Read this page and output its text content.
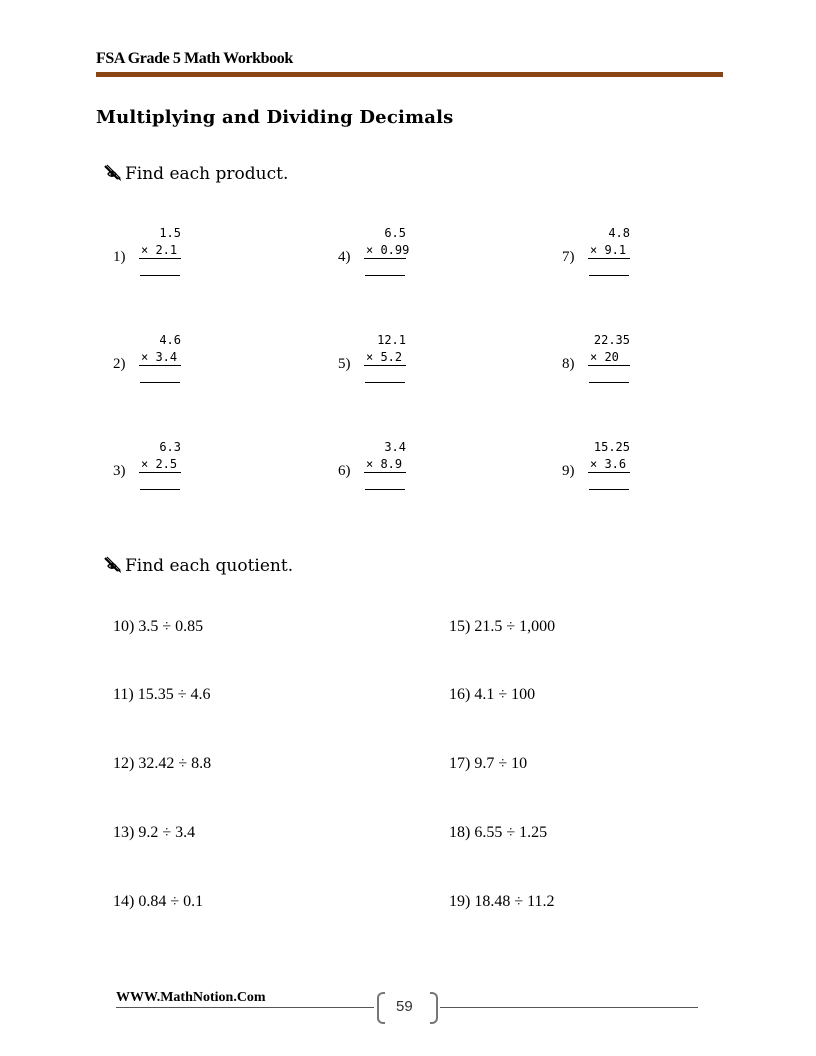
FSA Grade 5 Math Workbook
Multiplying and Dividing Decimals
Find each product.
1)
1.5
× 2.1
2)
4.6
× 3.4
3)
6.3
× 2.5
4)
6.5
× 0.99
5)
12.1
× 5.2
6)
3.4
× 8.9
7)
4.8
× 9.1
8)
22.35
× 20
9)
15.25
× 3.6
Find each quotient.
10) 3.5 ÷ 0.85
11) 15.35 ÷ 4.6
12) 32.42 ÷ 8.8
13) 9.2 ÷ 3.4
14) 0.84 ÷ 0.1
15) 21.5 ÷ 1,000
16) 4.1 ÷ 100
17) 9.7 ÷ 10
18) 6.55 ÷ 1.25
19) 18.48 ÷ 11.2
WWW.MathNotion.Com
59
